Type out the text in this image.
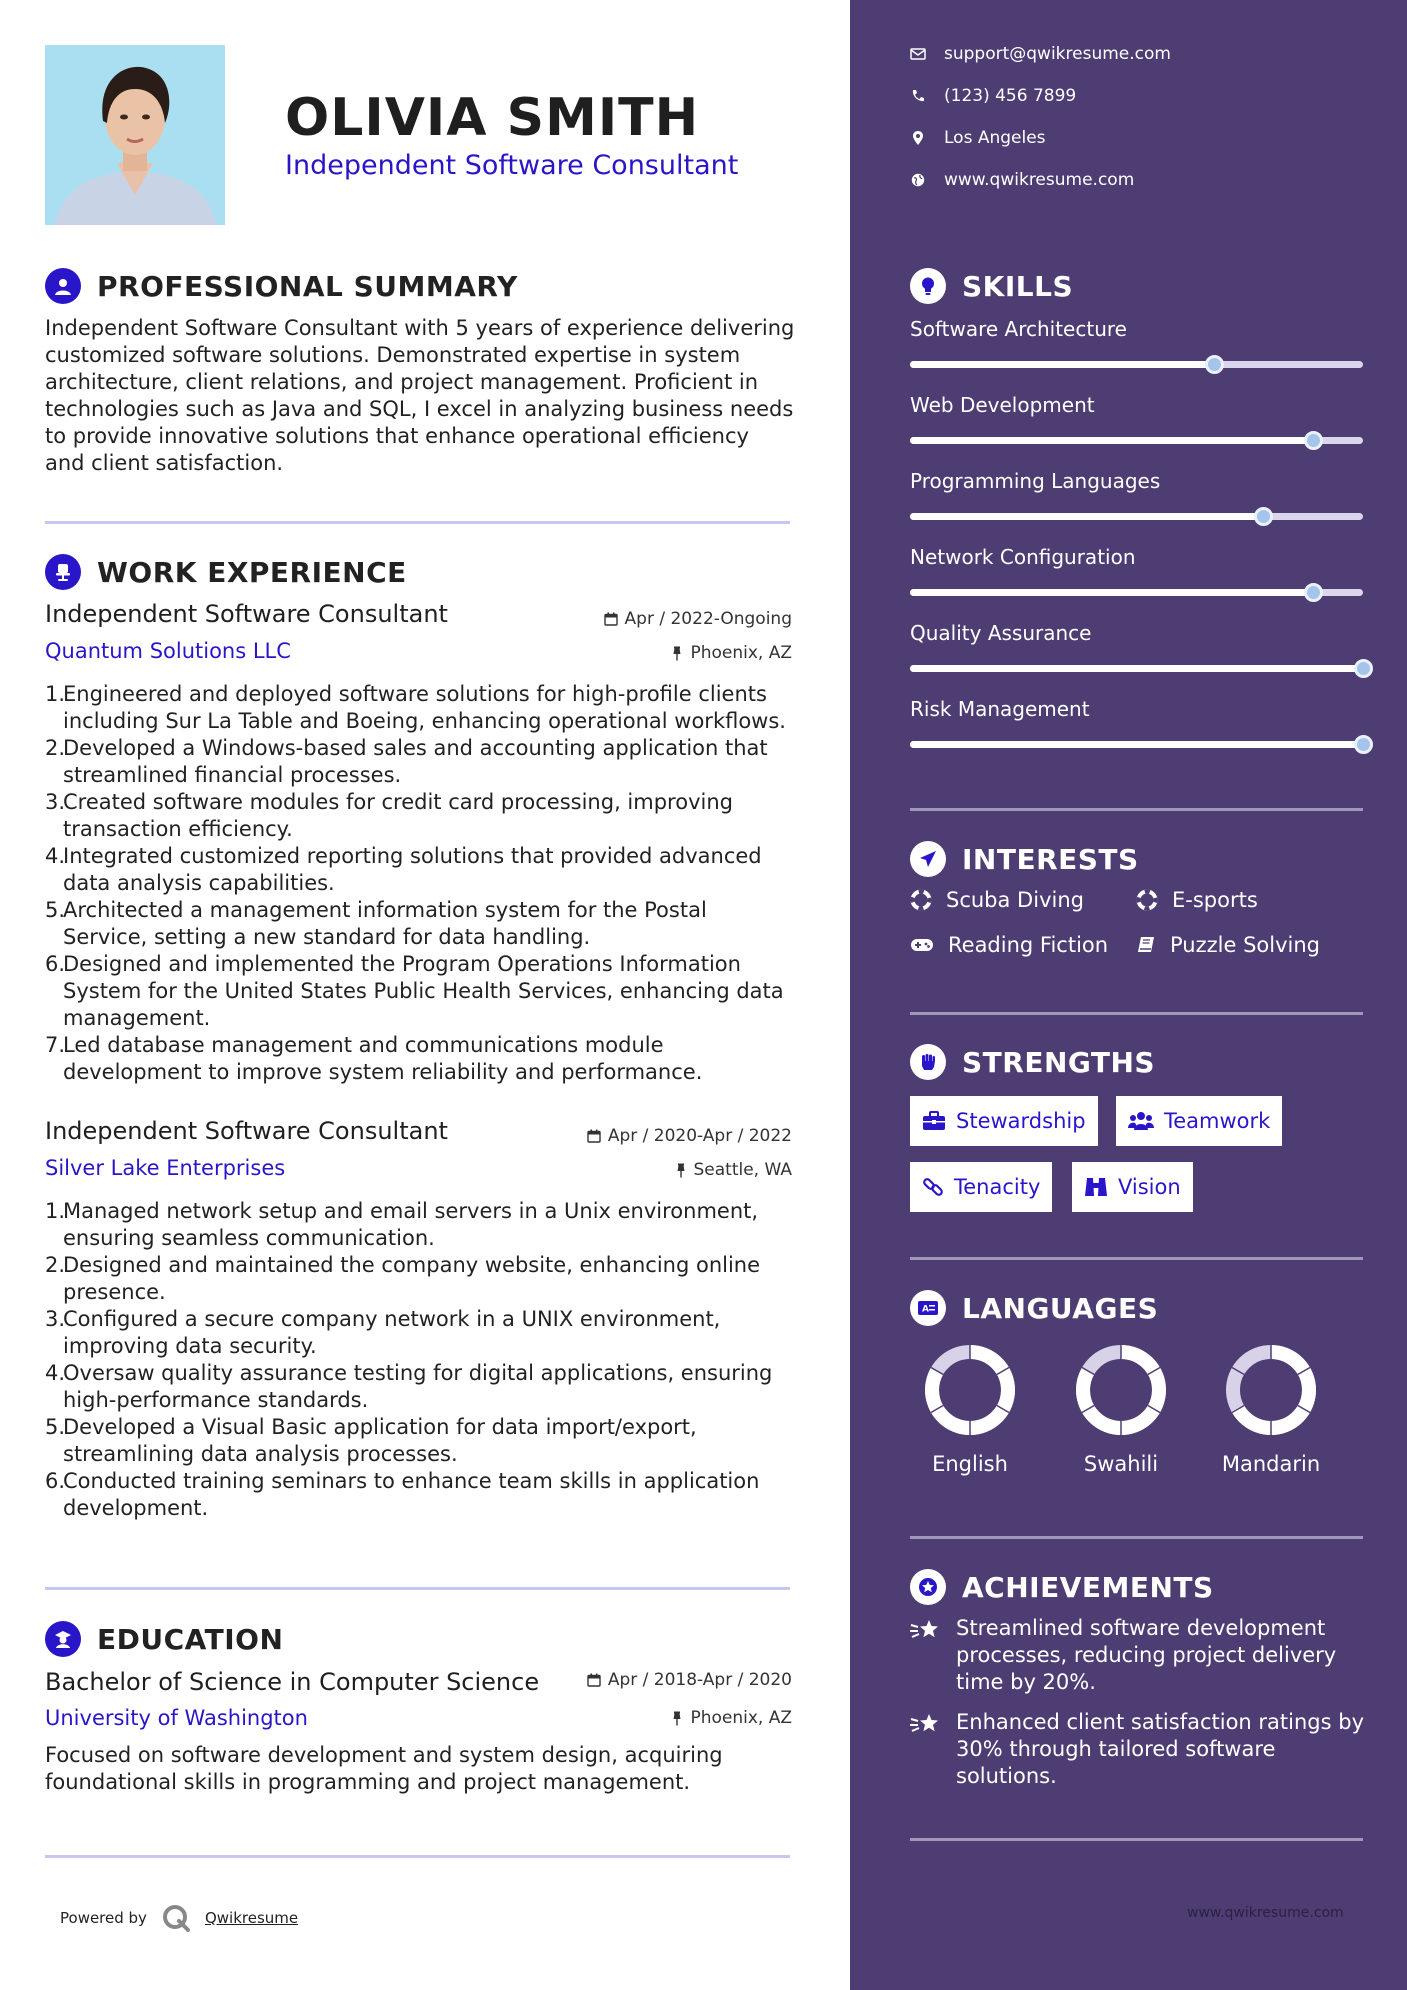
OLIVIA SMITH
Independent Software Consultant
PROFESSIONAL SUMMARY
Independent Software Consultant with 5 years of experience delivering customized software solutions. Demonstrated expertise in system architecture, client relations, and project management. Proficient in technologies such as Java and SQL, I excel in analyzing business needs to provide innovative solutions that enhance operational efficiency and client satisfaction.
WORK EXPERIENCE
Independent Software Consultant	Apr / 2022-Ongoing
Quantum Solutions LLC	Phoenix, AZ
1.
Engineered and deployed software solutions for high-profile clients including Sur La Table and Boeing, enhancing operational workflows.
2.
Developed a Windows-based sales and accounting application that streamlined financial processes.
3.
Created software modules for credit card processing, improving transaction efficiency.
4.
Integrated customized reporting solutions that provided advanced data analysis capabilities.
5.
Architected a management information system for the Postal Service, setting a new standard for data handling.
6.
Designed and implemented the Program Operations Information System for the United States Public Health Services, enhancing data management.
7.
Led database management and communications module development to improve system reliability and performance.
Independent Software Consultant	Apr / 2020-Apr / 2022
Silver Lake Enterprises	Seattle, WA
1.
Managed network setup and email servers in a Unix environment, ensuring seamless communication.
2.
Designed and maintained the company website, enhancing online presence.
3.
Configured a secure company network in a UNIX environment, improving data security.
4.
Oversaw quality assurance testing for digital applications, ensuring high-performance standards.
5.
Developed a Visual Basic application for data import/export, streamlining data analysis processes.
6.
Conducted training seminars to enhance team skills in application development.
EDUCATION
Bachelor of Science in Computer Science	Apr / 2018-Apr / 2020
University of Washington	Phoenix, AZ
Focused on software development and system design, acquiring foundational skills in programming and project management.
Powered by	Qwikresume
support@qwikresume.com
(123) 456 7899
Los Angeles
www.qwikresume.com
SKILLS
Software Architecture
Web Development
Programming Languages
Network Configuration
Quality Assurance
Risk Management
INTERESTS
Scuba Diving	E-sports
Reading Fiction	Puzzle Solving
STRENGTHS
Stewardship	Teamwork
Tenacity	Vision
A LANGUAGES
English	Swahili	Mandarin
ACHIEVEMENTS
Streamlined software development processes, reducing project delivery time by 20%.
Enhanced client satisfaction ratings by 30% through tailored software solutions.
www.qwikresume.com
